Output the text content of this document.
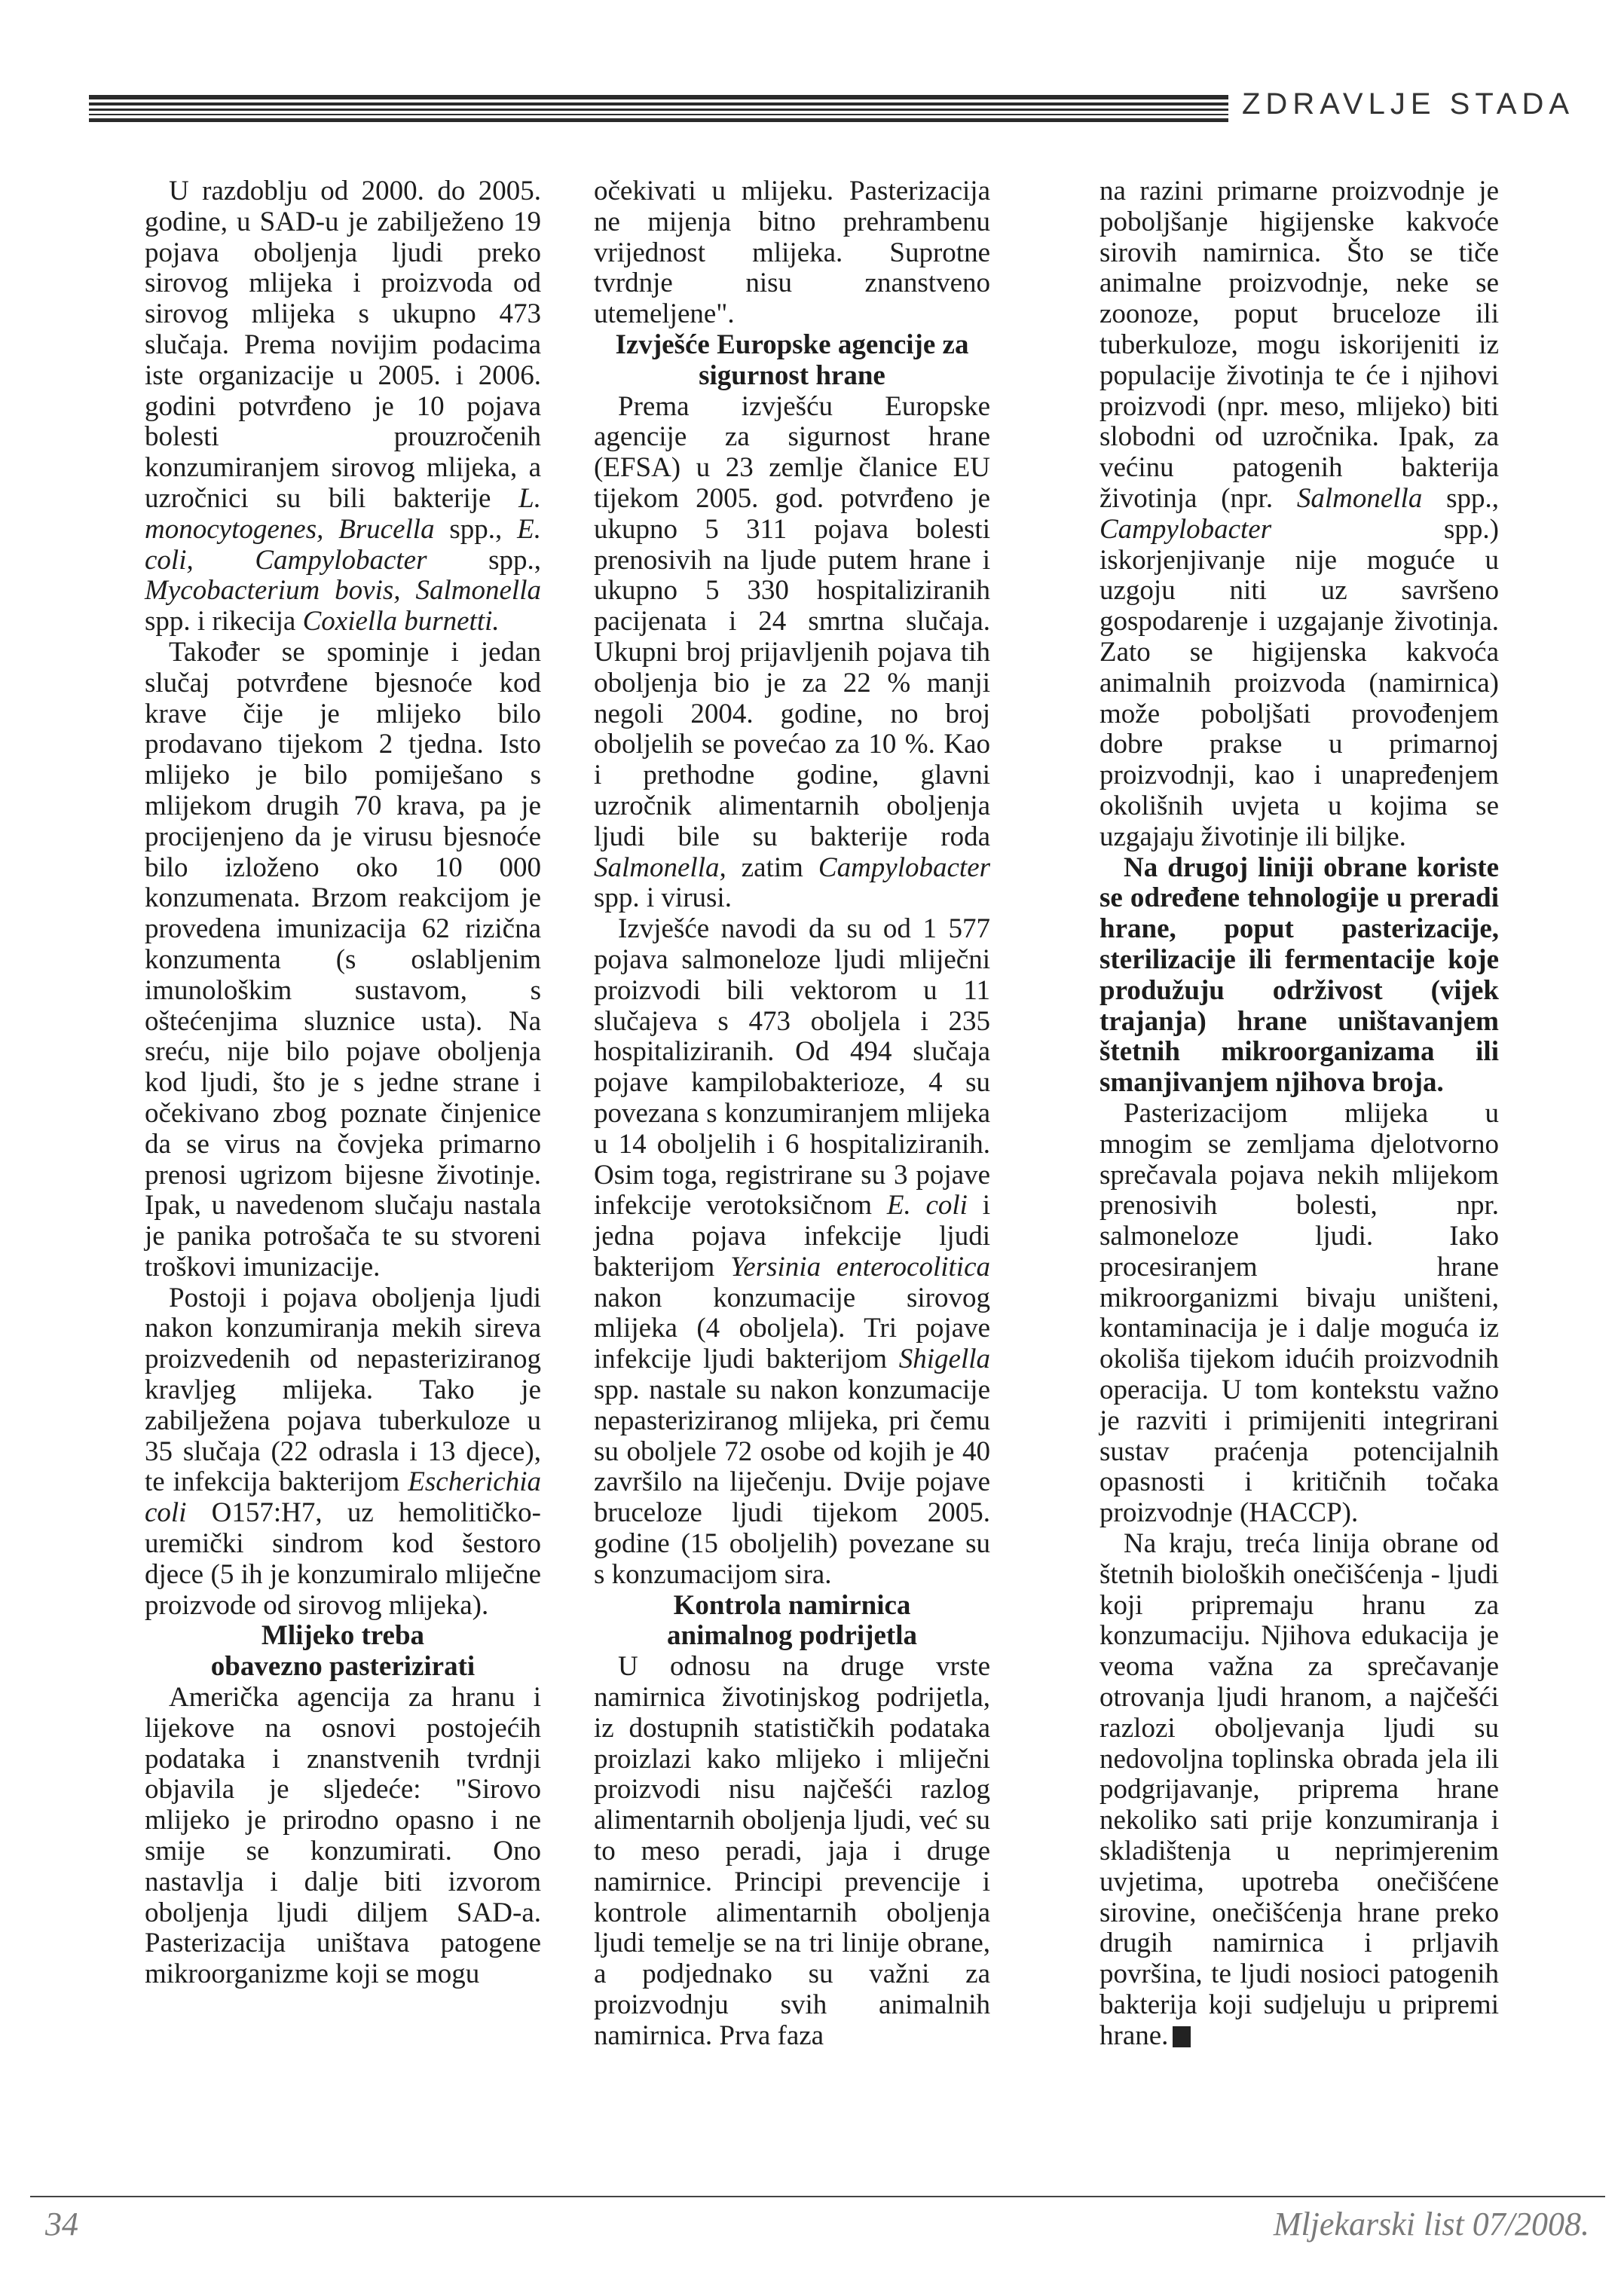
ZDRAVLJE STADA

U razdoblju od 2000. do 2005. godine, u SAD-u je zabilježeno 19 pojava oboljenja ljudi preko sirovog mlijeka i proizvoda od sirovog mlijeka s ukupno 473 slučaja. Prema novijim podacima iste organizacije u 2005. i 2006. godini potvrđeno je 10 pojava bolesti prouzročenih konzumiranjem sirovog mlijeka, a uzročnici su bili bakterije L. monocytogenes, Brucella spp., E. coli, Campylobacter spp., Mycobacterium bovis, Salmonella spp. i rikecija Coxiella burnetti.

Također se spominje i jedan slučaj potvrđene bjesnoće kod krave čije je mlijeko bilo prodavano tijekom 2 tjedna. Isto mlijeko je bilo pomiješano s mlijekom drugih 70 krava, pa je procijenjeno da je virusu bjesnoće bilo izloženo oko 10 000 konzumenata. Brzom reakcijom je provedena imunizacija 62 rizična konzumenta (s oslabljenim imunološkim sustavom, s oštećenjima sluznice usta). Na sreću, nije bilo pojave oboljenja kod ljudi, što je s jedne strane i očekivano zbog poznate činjenice da se virus na čovjeka primarno prenosi ugrizom bijesne životinje. Ipak, u navedenom slučaju nastala je panika potrošača te su stvoreni troškovi imunizacije.

Postoji i pojava oboljenja ljudi nakon konzumiranja mekih sireva proizvedenih od nepasteriziranog kravljeg mlijeka. Tako je zabilježena pojava tuberkuloze u 35 slučaja (22 odrasla i 13 djece), te infekcija bakterijom Escherichia coli O157:H7, uz hemolitičko-uremički sindrom kod šestoro djece (5 ih je konzumiralo mliječne proizvode od sirovog mlijeka).

Mlijeko treba
obavezno pasterizirati

Američka agencija za hranu i lijekove na osnovi postojećih podataka i znanstvenih tvrdnji objavila je sljedeće: "Sirovo mlijeko je prirodno opasno i ne smije se konzumirati. Ono nastavlja i dalje biti izvorom oboljenja ljudi diljem SAD-a. Pasterizacija uništava patogene mikroorganizme koji se mogu

očekivati u mlijeku. Pasterizacija ne mijenja bitno prehrambenu vrijednost mlijeka. Suprotne tvrdnje nisu znanstveno utemeljene".

Izvješće Europske agencije za
sigurnost hrane

Prema izvješću Europske agencije za sigurnost hrane (EFSA) u 23 zemlje članice EU tijekom 2005. god. potvrđeno je ukupno 5 311 pojava bolesti prenosivih na ljude putem hrane i ukupno 5 330 hospitaliziranih pacijenata i 24 smrtna slučaja. Ukupni broj prijavljenih pojava tih oboljenja bio je za 22 % manji negoli 2004. godine, no broj oboljelih se povećao za 10 %. Kao i prethodne godine, glavni uzročnik alimentarnih oboljenja ljudi bile su bakterije roda Salmonella, zatim Campylobacter spp. i virusi.

Izvješće navodi da su od 1 577 pojava salmoneloze ljudi mliječni proizvodi bili vektorom u 11 slučajeva s 473 oboljela i 235 hospitaliziranih. Od 494 slučaja pojave kampilobakterioze, 4 su povezana s konzumiranjem mlijeka u 14 oboljelih i 6 hospitaliziranih. Osim toga, registrirane su 3 pojave infekcije verotoksičnom E. coli i jedna pojava infekcije ljudi bakterijom Yersinia enterocolitica nakon konzumacije sirovog mlijeka (4 oboljela). Tri pojave infekcije ljudi bakterijom Shigella spp. nastale su nakon konzumacije nepasteriziranog mlijeka, pri čemu su oboljele 72 osobe od kojih je 40 završilo na liječenju. Dvije pojave bruceloze ljudi tijekom 2005. godine (15 oboljelih) povezane su s konzumacijom sira.

Kontrola namirnica
animalnog podrijetla

U odnosu na druge vrste namirnica životinjskog podrijetla, iz dostupnih statističkih podataka proizlazi kako mlijeko i mliječni proizvodi nisu najčešći razlog alimentarnih oboljenja ljudi, već su to meso peradi, jaja i druge namirnice. Principi prevencije i kontrole alimentarnih oboljenja ljudi temelje se na tri linije obrane, a podjednako su važni za proizvodnju svih animalnih namirnica. Prva faza

na razini primarne proizvodnje je poboljšanje higijenske kakvoće sirovih namirnica. Što se tiče animalne proizvodnje, neke se zoonoze, poput bruceloze ili tuberkuloze, mogu iskorijeniti iz populacije životinja te će i njihovi proizvodi (npr. meso, mlijeko) biti slobodni od uzročnika. Ipak, za većinu patogenih bakterija životinja (npr. Salmonella spp., Campylobacter	spp.) iskorjenjivanje nije moguće u uzgoju niti uz savršeno gospodarenje i uzgajanje životinja. Zato se higijenska kakvoća animalnih proizvoda (namirnica) može poboljšati provođenjem dobre prakse u primarnoj proizvodnji, kao i unapređenjem okolišnih uvjeta u kojima se uzgajaju životinje ili biljke.

Na drugoj liniji obrane koriste se određene tehnologije u preradi hrane, poput pasterizacije, sterilizacije ili fermentacije koje produžuju održivost (vijek trajanja) hrane uništavanjem štetnih mikroorganizama ili smanjivanjem njihova broja.

Pasterizacijom mlijeka u mnogim se zemljama djelotvorno sprečavala pojava nekih mlijekom prenosivih bolesti, npr. salmoneloze ljudi. Iako procesiranjem hrane mikroorganizmi bivaju uništeni, kontaminacija je i dalje moguća iz okoliša tijekom idućih proizvodnih operacija. U tom kontekstu važno je razviti i primijeniti integrirani sustav praćenja potencijalnih opasnosti i kritičnih točaka proizvodnje (HACCP).

Na kraju, treća linija obrane od štetnih bioloških onečišćenja - ljudi koji pripremaju hranu za konzumaciju. Njihova edukacija je veoma važna za sprečavanje otrovanja ljudi hranom, a najčešći razlozi oboljevanja ljudi su nedovoljna toplinska obrada jela ili podgrijavanje, priprema hrane nekoliko sati prije konzumiranja i skladištenja u neprimjerenim uvjetima, upotreba onečišćene sirovine, onečišćenja hrane preko drugih namirnica i prljavih površina, te ljudi nosioci patogenih bakterija koji sudjeluju u pripremi hrane.

34	Mljekarski list 07/2008.
